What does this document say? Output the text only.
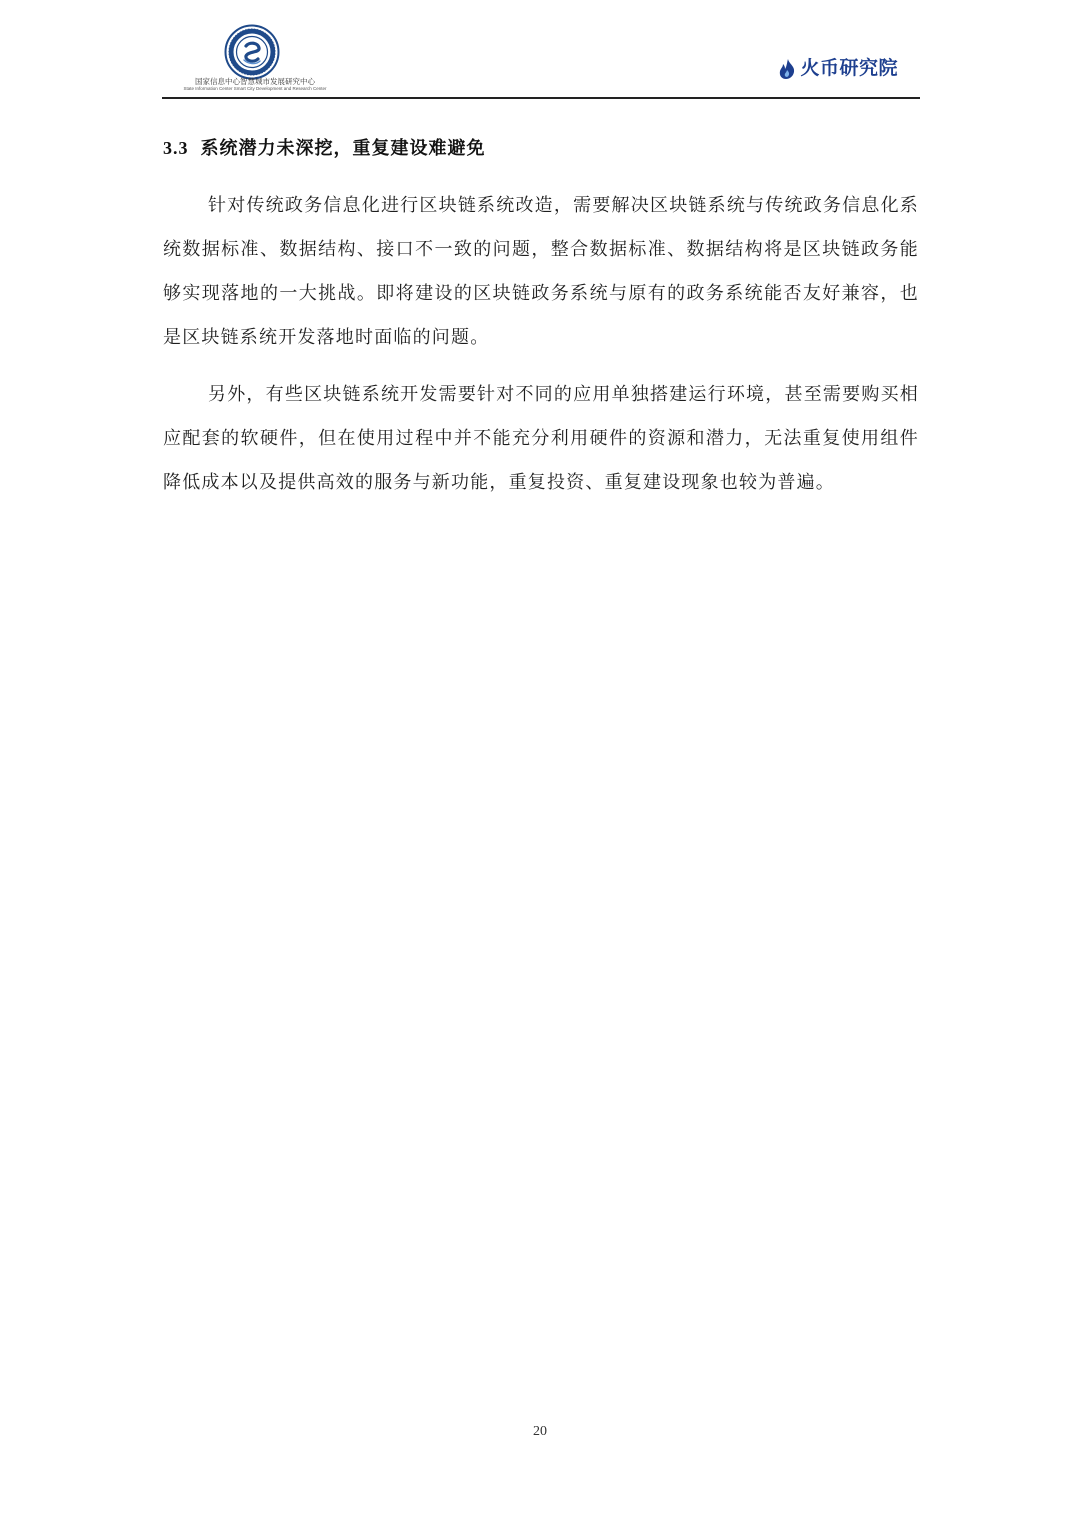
国家信息中心智慧城市发展研究中心
State Information Center Smart City Development and Research Center
火币研究院
3.3 系统潜力未深挖，重复建设难避免

针对传统政务信息化进行区块链系统改造，需要解决区块链系统与传统政务信息化系统数据标准、数据结构、接口不一致的问题，整合数据标准、数据结构将是区块链政务能够实现落地的一大挑战。即将建设的区块链政务系统与原有的政务系统能否友好兼容，也是区块链系统开发落地时面临的问题。

另外，有些区块链系统开发需要针对不同的应用单独搭建运行环境，甚至需要购买相应配套的软硬件，但在使用过程中并不能充分利用硬件的资源和潜力，无法重复使用组件降低成本以及提供高效的服务与新功能，重复投资、重复建设现象也较为普遍。

20
